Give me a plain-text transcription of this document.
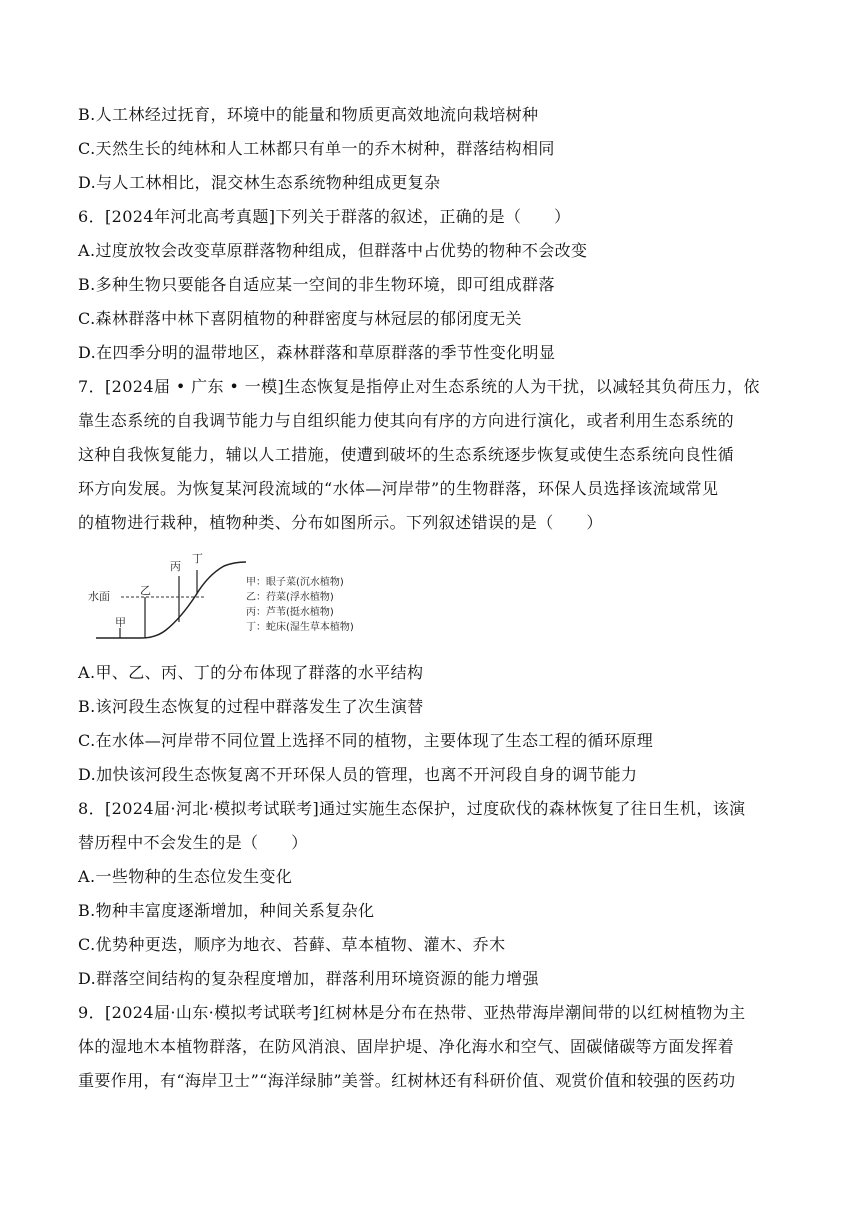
B.人工林经过抚育，环境中的能量和物质更高效地流向栽培树种
C.天然生长的纯林和人工林都只有单一的乔木树种，群落结构相同
D.与人工林相比，混交林生态系统物种组成更复杂
6．[2024年河北高考真题]下列关于群落的叙述，正确的是（　　）
A.过度放牧会改变草原群落物种组成，但群落中占优势的物种不会改变
B.多种生物只要能各自适应某一空间的非生物环境，即可组成群落
C.森林群落中林下喜阴植物的种群密度与林冠层的郁闭度无关
D.在四季分明的温带地区，森林群落和草原群落的季节性变化明显
7．[2024届 • 广东 • 一模]生态恢复是指停止对生态系统的人为干扰，以减轻其负荷压力，依
靠生态系统的自我调节能力与自组织能力使其向有序的方向进行演化，或者利用生态系统的
这种自我恢复能力，辅以人工措施，使遭到破坏的生态系统逐步恢复或使生态系统向良性循
环方向发展。为恢复某河段流域的“水体—河岸带”的生物群落，环保人员选择该流域常见
的植物进行栽种，植物种类、分布如图所示。下列叙述错误的是（　　）
水面
甲
乙
丙
丁
甲：眼子菜(沉水植物)
乙：荇菜(浮水植物)
丙：芦苇(挺水植物)
丁：蛇床(湿生草本植物)
A.甲、乙、丙、丁的分布体现了群落的水平结构
B.该河段生态恢复的过程中群落发生了次生演替
C.在水体—河岸带不同位置上选择不同的植物，主要体现了生态工程的循环原理
D.加快该河段生态恢复离不开环保人员的管理，也离不开河段自身的调节能力
8．[2024届·河北·模拟考试联考]通过实施生态保护，过度砍伐的森林恢复了往日生机，该演
替历程中不会发生的是（　　）
A.一些物种的生态位发生变化
B.物种丰富度逐渐增加，种间关系复杂化
C.优势种更迭，顺序为地衣、苔藓、草本植物、灌木、乔木
D.群落空间结构的复杂程度增加，群落利用环境资源的能力增强
9．[2024届·山东·模拟考试联考]红树林是分布在热带、亚热带海岸潮间带的以红树植物为主
体的湿地木本植物群落，在防风消浪、固岸护堤、净化海水和空气、固碳储碳等方面发挥着
重要作用，有“海岸卫士”“海洋绿肺”美誉。红树林还有科研价值、观赏价值和较强的医药功
